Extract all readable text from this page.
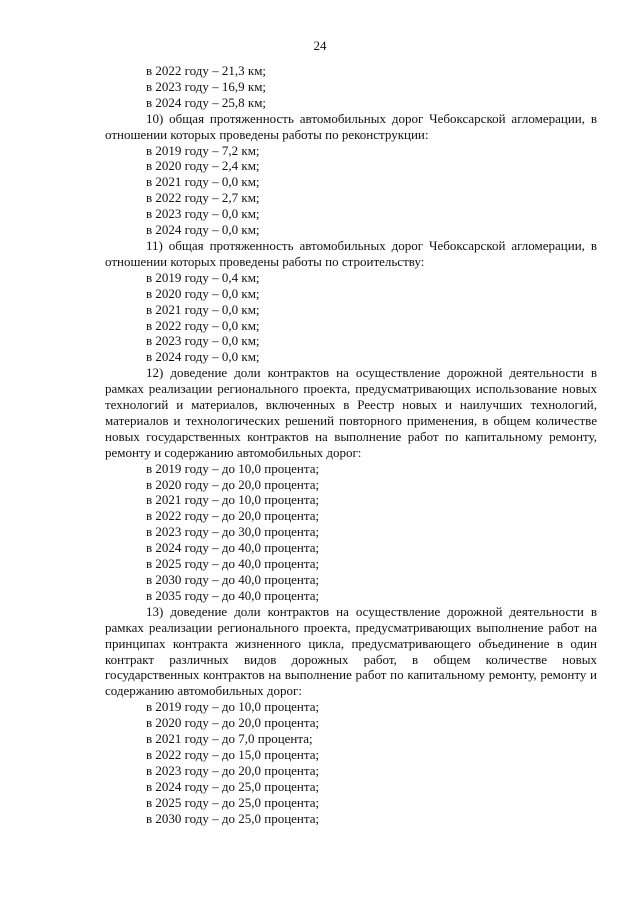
24
в 2022 году – 21,3 км;
в 2023 году – 16,9 км;
в 2024 году – 25,8 км;
10) общая протяженность автомобильных дорог Чебоксарской агломерации, в отношении которых проведены работы по реконструкции:
в 2019 году – 7,2 км;
в 2020 году – 2,4 км;
в 2021 году – 0,0 км;
в 2022 году – 2,7 км;
в 2023 году – 0,0 км;
в 2024 году – 0,0 км;
11) общая протяженность автомобильных дорог Чебоксарской агломерации, в отношении которых проведены работы по строительству:
в 2019 году – 0,4 км;
в 2020 году – 0,0 км;
в 2021 году – 0,0 км;
в 2022 году – 0,0 км;
в 2023 году – 0,0 км;
в 2024 году – 0,0 км;
12) доведение доли контрактов на осуществление дорожной деятельности в рамках реализации регионального проекта, предусматривающих использование новых технологий и материалов, включенных в Реестр новых и наилучших технологий, материалов и технологических решений повторного применения, в общем количестве новых государственных контрактов на выполнение работ по капитальному ремонту, ремонту и содержанию автомобильных дорог:
в 2019 году – до 10,0 процента;
в 2020 году – до 20,0 процента;
в 2021 году – до 10,0 процента;
в 2022 году – до 20,0 процента;
в 2023 году – до 30,0 процента;
в 2024 году – до 40,0 процента;
в 2025 году – до 40,0 процента;
в 2030 году – до 40,0 процента;
в 2035 году – до 40,0 процента;
13) доведение доли контрактов на осуществление дорожной деятельности в рамках реализации регионального проекта, предусматривающих выполнение работ на принципах контракта жизненного цикла, предусматривающего объединение в один контракт различных видов дорожных работ, в общем количестве новых государственных контрактов на выполнение работ по капитальному ремонту, ремонту и содержанию автомобильных дорог:
в 2019 году – до 10,0 процента;
в 2020 году – до 20,0 процента;
в 2021 году – до 7,0 процента;
в 2022 году – до 15,0 процента;
в 2023 году – до 20,0 процента;
в 2024 году – до 25,0 процента;
в 2025 году – до 25,0 процента;
в 2030 году – до 25,0 процента;
